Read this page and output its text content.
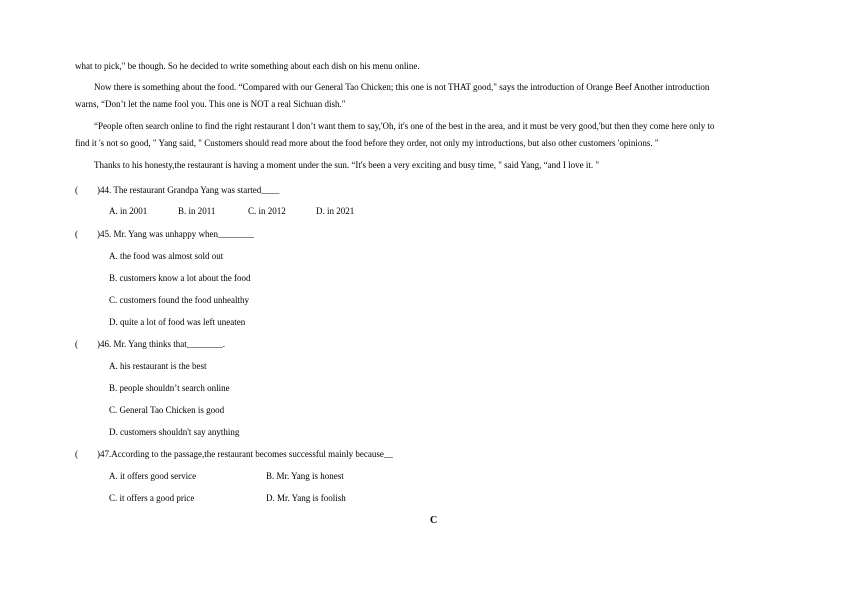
what to pick," be though. So he decided to write something about each dish on his menu online.
Now there is something about the food. “Compared with our General Tao Chicken; this one is not THAT good," says the introduction of Orange Beef Another introduction
warns, “Don’t let the name fool you. This one is NOT a real Sichuan dish."
“People often search online to find the right restaurant I don’t want them to say,'Oh, it's one of the best in the area, and it must be very good,'but then they come here only to
find it 's not so good, " Yang said, " Customers should read more about the food before they order, not only my introductions, but also other customers 'opinions. "
Thanks to his honesty,the restaurant is having a moment under the sun. “It's been a very exciting and busy time, " said Yang, “and I love it. "
( )44. The restaurant Grandpa Yang was started____
A. in 2001	B. in 2011	C. in 2012	D. in 2021
( )45. Mr. Yang was unhappy when________
A. the food was almost sold out
B. customers know a lot about the food
C. customers found the food unhealthy
D. quite a lot of food was left uneaten
( )46. Mr. Yang thinks that________.
A. his restaurant is the best
B. people shouldn’t search online
C. General Tao Chicken is good
D. customers shouldn't say anything
( )47.According to the passage,the restaurant becomes successful mainly because__
A. it offers good service	B. Mr. Yang is honest
C. it offers a good price	D. Mr. Yang is foolish
C
